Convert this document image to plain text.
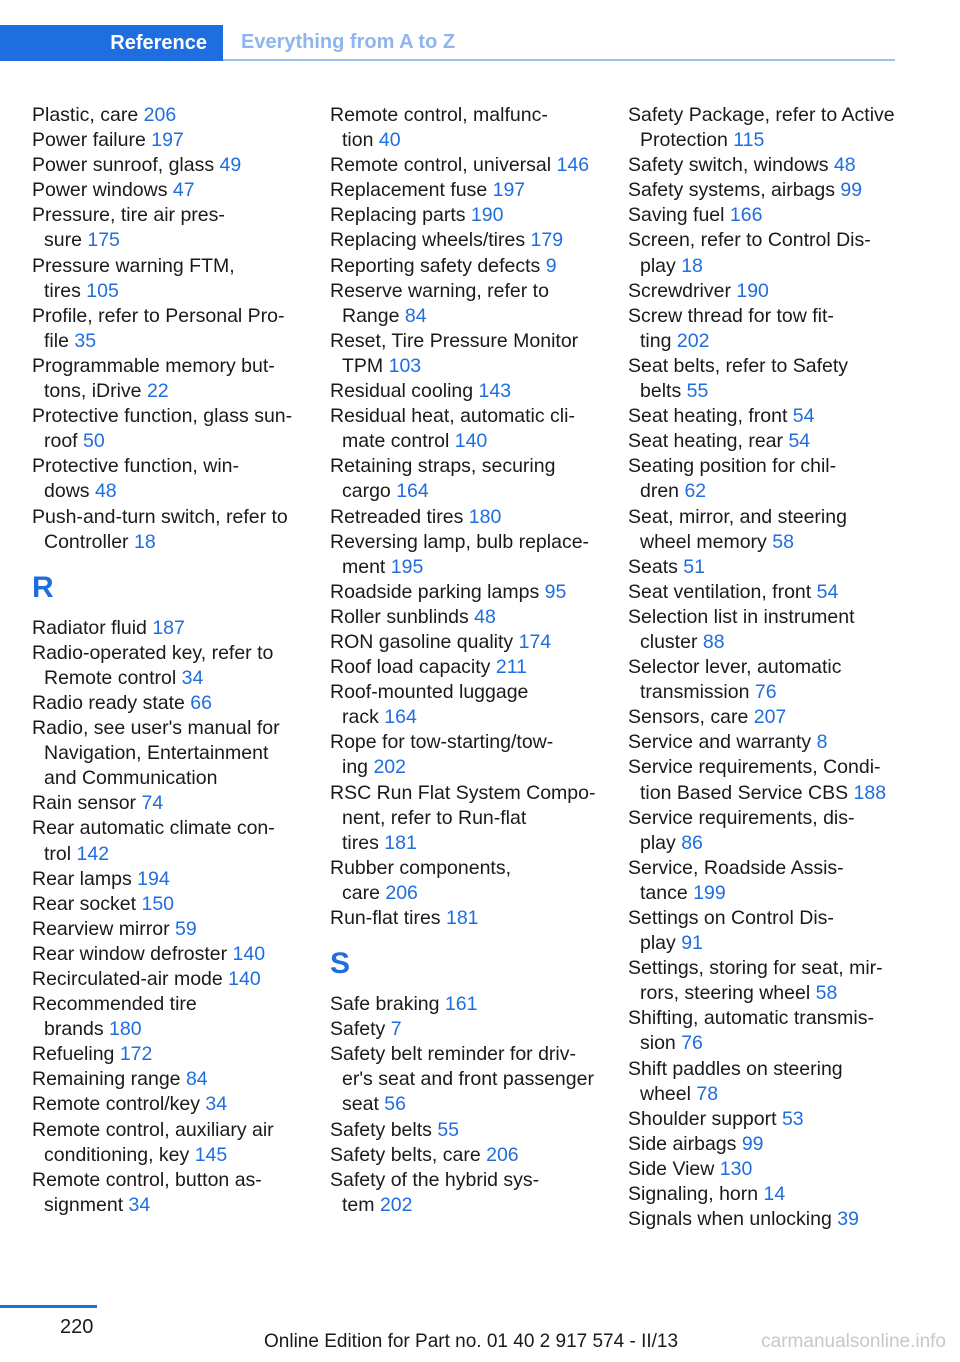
Reference	Everything from A to Z
Plastic, care 206
Power failure 197
Power sunroof, glass 49
Power windows 47
Pressure, tire air pres-
sure 175
Pressure warning FTM,
tires 105
Profile, refer to Personal Pro-
file 35
Programmable memory but-
tons, iDrive 22
Protective function, glass sun-
roof 50
Protective function, win-
dows 48
Push-and-turn switch, refer to
Controller 18
R
Radiator fluid 187
Radio-operated key, refer to
Remote control 34
Radio ready state 66
Radio, see user's manual for
Navigation, Entertainment
and Communication
Rain sensor 74
Rear automatic climate con-
trol 142
Rear lamps 194
Rear socket 150
Rearview mirror 59
Rear window defroster 140
Recirculated-air mode 140
Recommended tire
brands 180
Refueling 172
Remaining range 84
Remote control/key 34
Remote control, auxiliary air
conditioning, key 145
Remote control, button as-
signment 34
Remote control, malfunc-
tion 40
Remote control, universal 146
Replacement fuse 197
Replacing parts 190
Replacing wheels/tires 179
Reporting safety defects 9
Reserve warning, refer to
Range 84
Reset, Tire Pressure Monitor
TPM 103
Residual cooling 143
Residual heat, automatic cli-
mate control 140
Retaining straps, securing
cargo 164
Retreaded tires 180
Reversing lamp, bulb replace-
ment 195
Roadside parking lamps 95
Roller sunblinds 48
RON gasoline quality 174
Roof load capacity 211
Roof-mounted luggage
rack 164
Rope for tow-starting/tow-
ing 202
RSC Run Flat System Compo-
nent, refer to Run-flat
tires 181
Rubber components,
care 206
Run-flat tires 181
S
Safe braking 161
Safety 7
Safety belt reminder for driv-
er's seat and front passenger
seat 56
Safety belts 55
Safety belts, care 206
Safety of the hybrid sys-
tem 202
Safety Package, refer to Active
Protection 115
Safety switch, windows 48
Safety systems, airbags 99
Saving fuel 166
Screen, refer to Control Dis-
play 18
Screwdriver 190
Screw thread for tow fit-
ting 202
Seat belts, refer to Safety
belts 55
Seat heating, front 54
Seat heating, rear 54
Seating position for chil-
dren 62
Seat, mirror, and steering
wheel memory 58
Seats 51
Seat ventilation, front 54
Selection list in instrument
cluster 88
Selector lever, automatic
transmission 76
Sensors, care 207
Service and warranty 8
Service requirements, Condi-
tion Based Service CBS 188
Service requirements, dis-
play 86
Service, Roadside Assis-
tance 199
Settings on Control Dis-
play 91
Settings, storing for seat, mir-
rors, steering wheel 58
Shifting, automatic transmis-
sion 76
Shift paddles on steering
wheel 78
Shoulder support 53
Side airbags 99
Side View 130
Signaling, horn 14
Signals when unlocking 39
220
Online Edition for Part no. 01 40 2 917 574 - II/13	carmanualsonline.info
